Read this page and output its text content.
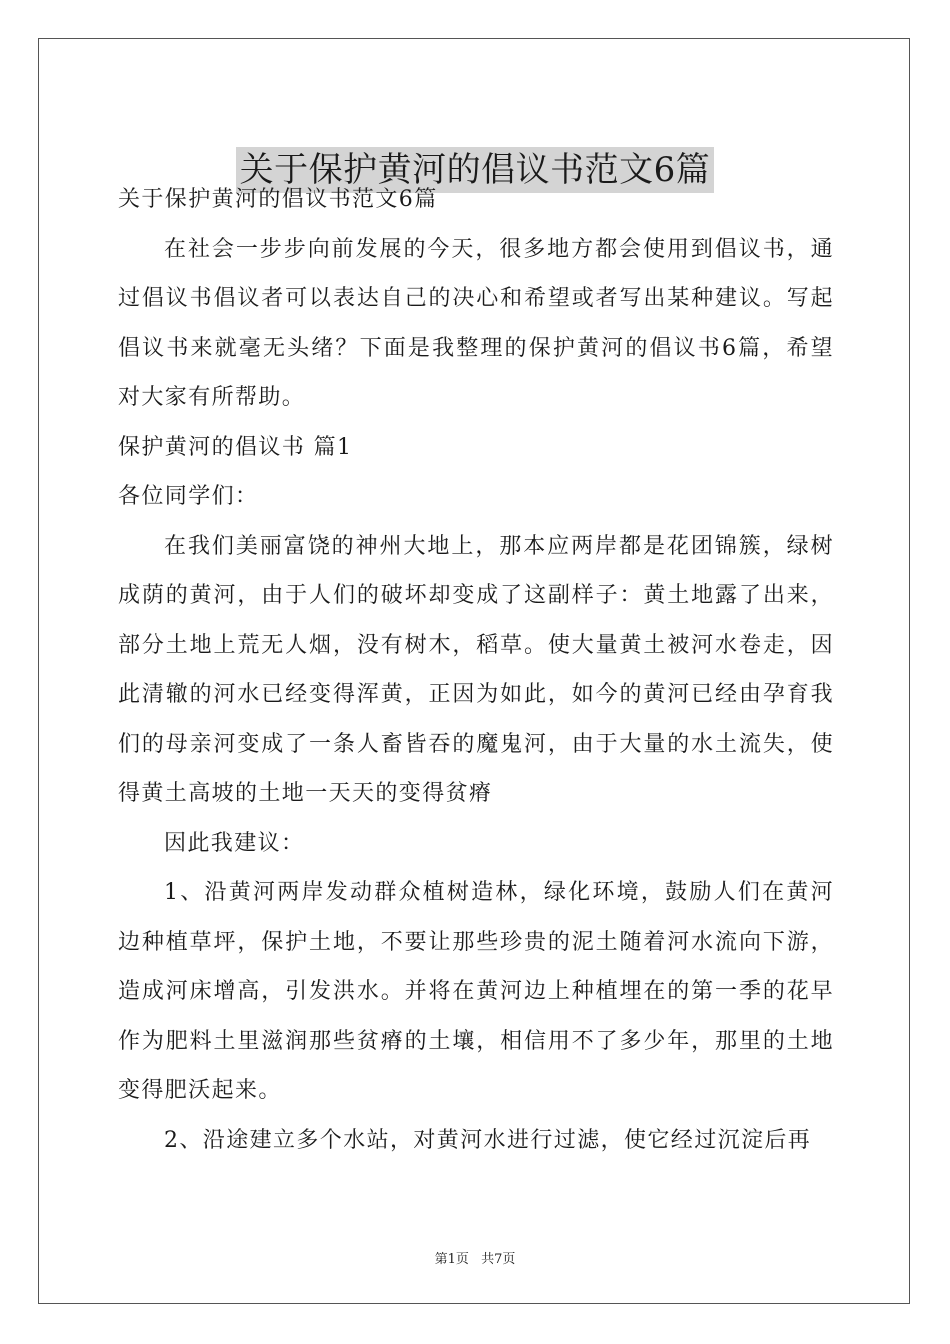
关于保护黄河的倡议书范文6篇

关于保护黄河的倡议书范文6篇

在社会一步步向前发展的今天，很多地方都会使用到倡议书，通过倡议书倡议者可以表达自己的决心和希望或者写出某种建议。写起倡议书来就毫无头绪？下面是我整理的保护黄河的倡议书6篇，希望对大家有所帮助。

保护黄河的倡议书 篇1

各位同学们：

在我们美丽富饶的神州大地上，那本应两岸都是花团锦簇，绿树成荫的黄河，由于人们的破坏却变成了这副样子：黄土地露了出来，部分土地上荒无人烟，没有树木，稻草。使大量黄土被河水卷走，因此清辙的河水已经变得浑黄，正因为如此，如今的黄河已经由孕育我们的母亲河变成了一条人畜皆吞的魔鬼河，由于大量的水土流失，使得黄土高坡的土地一天天的变得贫瘠

因此我建议：

1、沿黄河两岸发动群众植树造林，绿化环境，鼓励人们在黄河边种植草坪，保护土地，不要让那些珍贵的泥土随着河水流向下游，造成河床增高，引发洪水。并将在黄河边上种植埋在的第一季的花早作为肥料土里滋润那些贫瘠的土壤，相信用不了多少年，那里的土地变得肥沃起来。

2、沿途建立多个水站，对黄河水进行过滤，使它经过沉淀后再

第1页 共7页
